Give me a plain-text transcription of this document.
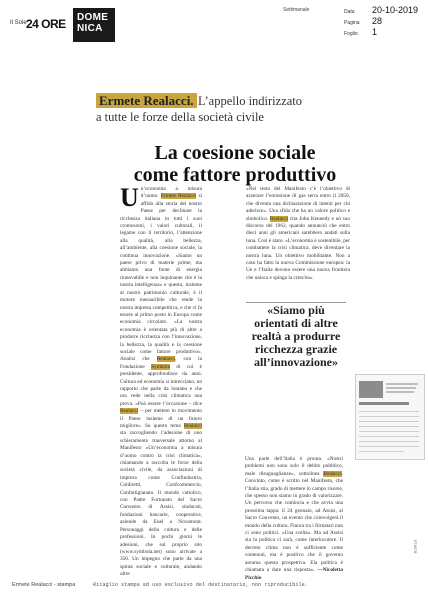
Il Sole 24 ORE	DOME
NICA
Settimanale	Data	20-10-2019
Pagina	28
Foglio	1
Ermete Realacci. L’appello indirizzato
a tutte le forze della società civile
La coesione sociale
come fattore produttivo
Un’economia a misura d’uomo. Ermete Realacci si affida alla storia del nostro Paese per declinare la ricchezza italiana in tutti i suoi cromosomi, i valori culturali, il legame con il territorio, l’attenzione alla qualità, alla bellezza, all’ambiente, alla coesione sociale, la continua innovazione. «Siamo un paese privo di materie prime, ma abbiamo una fonte di energia rinnovabile e non inquinante che è la nostra intelligenza» e questo, insieme al nostro patrimonio culturale, è il motore inesauribile che rende la nostra impresa competitiva, e che ci fa essere al primo posto in Europa come economia circolare. «La nostra economia è orientata più di altre a produrre ricchezza con l’innovazione, la bellezza, la qualità e la coesione sociale come fattore produttivo». Analisi che Realacci, con la Fondazione Symbola di cui è presidente, approfondisce da anni. Cultura ed economia si intrecciano, un rapporto che parte da lontano e che ora vede nella crisi climatica una prova. «Può essere l’occasione – dice Realacci – per mettere in movimento il Paese insieme di un futuro migliore». Su questo tema Realacci sta raccogliendo l’adesione di uno schieramento trasversale attorno al Manifesto «Un’economia a misura d’uomo contro la crisi climatica», chiamando a raccolta le forze della società civile, da associazioni di impresa come Confindustria, Coldiretti, Confcommercio, Confartigianato. Il mondo cattolico, con Padre Fortunato del Sacro Convento di Assisi, sindacati, fondazioni bancarie, cooperative, aziende da Enel a Novamont. Personaggi della cultura e delle professioni. In pochi giorni le adesioni, che sul proprio sito (www.symbola.net) sono arrivate a 350. Un impegno che parte da una spinta sociale e culturale, andando oltre
«Nel testo del Manifesto c’è l’obiettivo di azzerare l’emissione di gas serra entro il 2050, che diventa una dichiarazione di intenti per chi aderisce». Una sfida che ha un valore politico e simbolico. Realacci cita John Kennedy e un suo discorso del 1962, quando annunciò che entro dieci anni gli americani sarebbero andati sulla luna. Così è stato. «L’economia è sostenibile, per combattere la crisi climatica, deve diventare la nostra luna. Un obiettivo mobilitante. Non a caso ha fatto la nuova Commissione europea: la Ue e l’Italia devono essere una nuova frontiera che unisca e spinga la crescita».
«Siamo più orientati di altre realtà a produrre ricchezza grazie all’innovazione»
Una parte dell’Italia è pronta. «Nostri problemi non sono solo il debito pubblico, male disuguaglianze», sottolinea Realacci. Convinto, come è scritto nel Manifesto, che l’Italia stia, grado di mettere in campo risorse, che spesso non siamo in grado di valorizzare. Un percorso che comincia e che avvia una prossima tappa: il 24 gennaio, ad Assisi, al Sacro Convento, un evento che coinvolgerà il mondo della cultura. Finora tra i firmatari non ci sono politici. «Una scelta». Ma ad Assisi sia la politica ci sarà, come interlocutore. Il decreto clima non è sufficiente come contenuti, ma è positivo che il governo assuma questa prospettiva. Ela politica è chiamata a dare una risposta». —Nicoletta Picchio
074076
Ermete Realacci - stampa	Ritaglio stampa ad uso esclusivo del destinatario, non riproducibile.
